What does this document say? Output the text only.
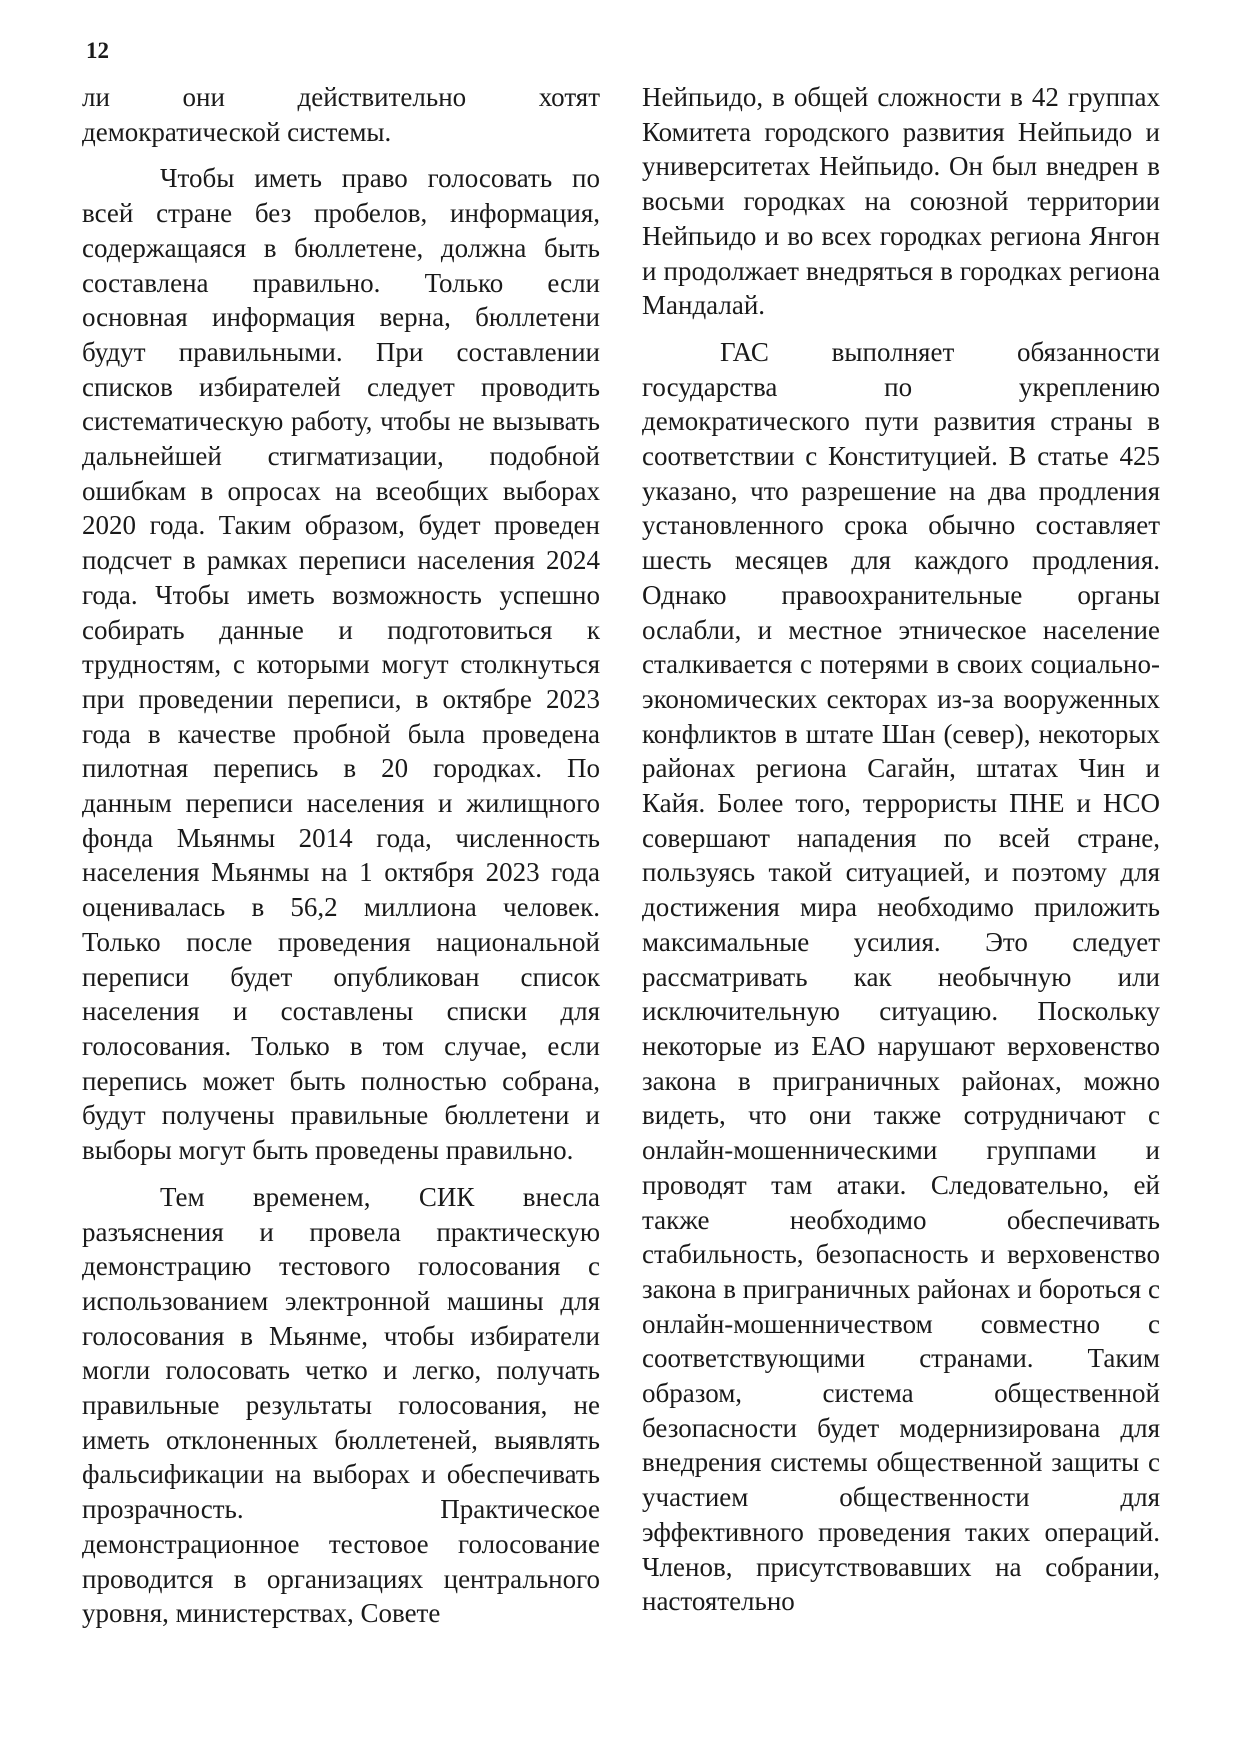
12

ли они действительно хотят демократической системы.

Чтобы иметь право голосовать по всей стране без пробелов, информация, содержащаяся в бюллетене, должна быть составлена правильно. Только если основная информация верна, бюллетени будут правильными. При составлении списков избирателей следует проводить систематическую работу, чтобы не вызывать дальнейшей стигматизации, подобной ошибкам в опросах на всеобщих выборах 2020 года. Таким образом, будет проведен подсчет в рамках переписи населения 2024 года. Чтобы иметь возможность успешно собирать данные и подготовиться к трудностям, с которыми могут столкнуться при проведении переписи, в октябре 2023 года в качестве пробной была проведена пилотная перепись в 20 городках. По данным переписи населения и жилищного фонда Мьянмы 2014 года, численность населения Мьянмы на 1 октября 2023 года оценивалась в 56,2 миллиона человек. Только после проведения национальной переписи будет опубликован список населения и составлены списки для голосования. Только в том случае, если перепись может быть полностью собрана, будут получены правильные бюллетени и выборы могут быть проведены правильно.

Тем временем, СИК внесла разъяснения и провела практическую демонстрацию тестового голосования с использованием электронной машины для голосования в Мьянме, чтобы избиратели могли голосовать четко и легко, получать правильные результаты голосования, не иметь отклоненных бюллетеней, выявлять фальсификации на выборах и обеспечивать прозрачность. Практическое демонстрационное тестовое голосование проводится в организациях центрального уровня, министерствах, Совете

Нейпьидо, в общей сложности в 42 группах Комитета городского развития Нейпьидо и университетах Нейпьидо. Он был внедрен в восьми городках на союзной территории Нейпьидо и во всех городках региона Янгон и продолжает внедряться в городках региона Мандалай.

ГАС выполняет обязанности государства по укреплению демократического пути развития страны в соответствии с Конституцией. В статье 425 указано, что разрешение на два продления установленного срока обычно составляет шесть месяцев для каждого продления. Однако правоохранительные органы ослабли, и местное этническое население сталкивается с потерями в своих социально-экономических секторах из-за вооруженных конфликтов в штате Шан (север), некоторых районах региона Сагайн, штатах Чин и Кайя. Более того, террористы ПНЕ и НСО совершают нападения по всей стране, пользуясь такой ситуацией, и поэтому для достижения мира необходимо приложить максимальные усилия. Это следует рассматривать как необычную или исключительную ситуацию. Поскольку некоторые из ЕАО нарушают верховенство закона в приграничных районах, можно видеть, что они также сотрудничают с онлайн-мошенническими группами и проводят там атаки. Следовательно, ей также необходимо обеспечивать стабильность, безопасность и верховенство закона в приграничных районах и бороться с онлайн-мошенничеством совместно с соответствующими странами. Таким образом, система общественной безопасности будет модернизирована для внедрения системы общественной защиты с участием общественности для эффективного проведения таких операций. Членов, присутствовавших на собрании, настоятельно
